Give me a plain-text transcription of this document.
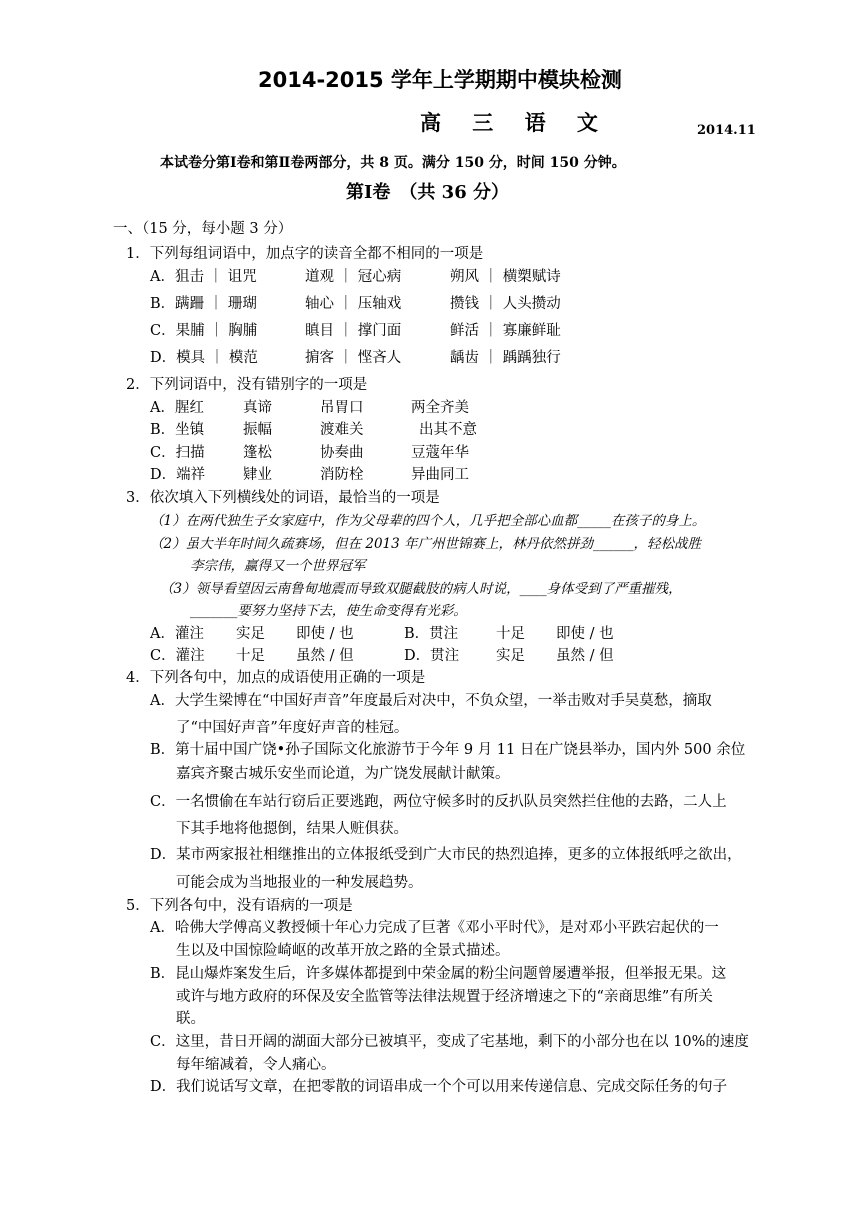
2014-2015 学年上学期期中模块检测
高 三 语 文	2014.11
本试卷分第Ⅰ卷和第Ⅱ卷两部分，共 8 页。满分 150 分，时间 150 分钟。
第Ⅰ卷　（共 36 分）
一、（15 分，每小题 3 分）
1．下列每组词语中，加点字的读音全都不相同的一项是
A．狙击 ｜ 诅咒	道观 ｜ 冠心病	朔风 ｜ 横槊赋诗
B．蹒跚 ｜ 珊瑚	轴心 ｜ 压轴戏	攒钱 ｜ 人头攒动
C．果脯 ｜ 胸脯	瞋目 ｜ 撑门面	鲜活 ｜ 寡廉鲜耻
D．模具 ｜ 模范	掮客 ｜ 悭吝人	龋齿 ｜ 踽踽独行
2．下列词语中，没有错别字的一项是
A．腥红	真谛	吊胃口	两全齐美
B．坐镇	振幅	渡难关	出其不意
C．扫描	篷松	协奏曲	豆蔻年华
D．端祥	肄业	消防栓	异曲同工
3．依次填入下列横线处的词语，最恰当的一项是
（1）在两代独生子女家庭中，作为父母辈的四个人，几乎把全部心血都_____在孩子的身上。
（2）虽大半年时间久疏赛场，但在 2013 年广州世锦赛上，林丹依然拼劲______，轻松战胜
李宗伟，赢得又一个世界冠军
（3）领导看望因云南鲁甸地震而导致双腿截肢的病人时说，____身体受到了严重摧残，
_______要努力坚持下去，使生命变得有光彩。
A．灌注 实足 即使 / 也	B．贯注	十足 即使 / 也
C．灌注 十足 虽然 / 但	D．贯注	实足 虽然 / 但
4．下列各句中，加点的成语使用正确的一项是
A．大学生梁博在“中国好声音”年度最后对决中，不负众望，一举击败对手吴莫愁，摘取
了“中国好声音”年度好声音的桂冠。
B．第十届中国广饶•孙子国际文化旅游节于今年 9 月 11 日在广饶县举办，国内外 500 余位
嘉宾齐聚古城乐安坐而论道，为广饶发展献计献策。
C．一名惯偷在车站行窃后正要逃跑，两位守候多时的反扒队员突然拦住他的去路，二人上
下其手地将他摁倒，结果人赃俱获。
D．某市两家报社相继推出的立体报纸受到广大市民的热烈追捧，更多的立体报纸呼之欲出，
可能会成为当地报业的一种发展趋势。
5．下列各句中，没有语病的一项是
A．哈佛大学傅高义教授倾十年心力完成了巨著《邓小平时代》，是对邓小平跌宕起伏的一
生以及中国惊险崎岖的改革开放之路的全景式描述。
B．昆山爆炸案发生后，许多媒体都提到中荣金属的粉尘问题曾屡遭举报，但举报无果。这
或许与地方政府的环保及安全监管等法律法规置于经济增速之下的“亲商思维”有所关
联。
C．这里，昔日开阔的湖面大部分已被填平，变成了宅基地，剩下的小部分也在以 10%的速度
每年缩减着，令人痛心。
D．我们说话写文章，在把零散的词语串成一个个可以用来传递信息、完成交际任务的句子
